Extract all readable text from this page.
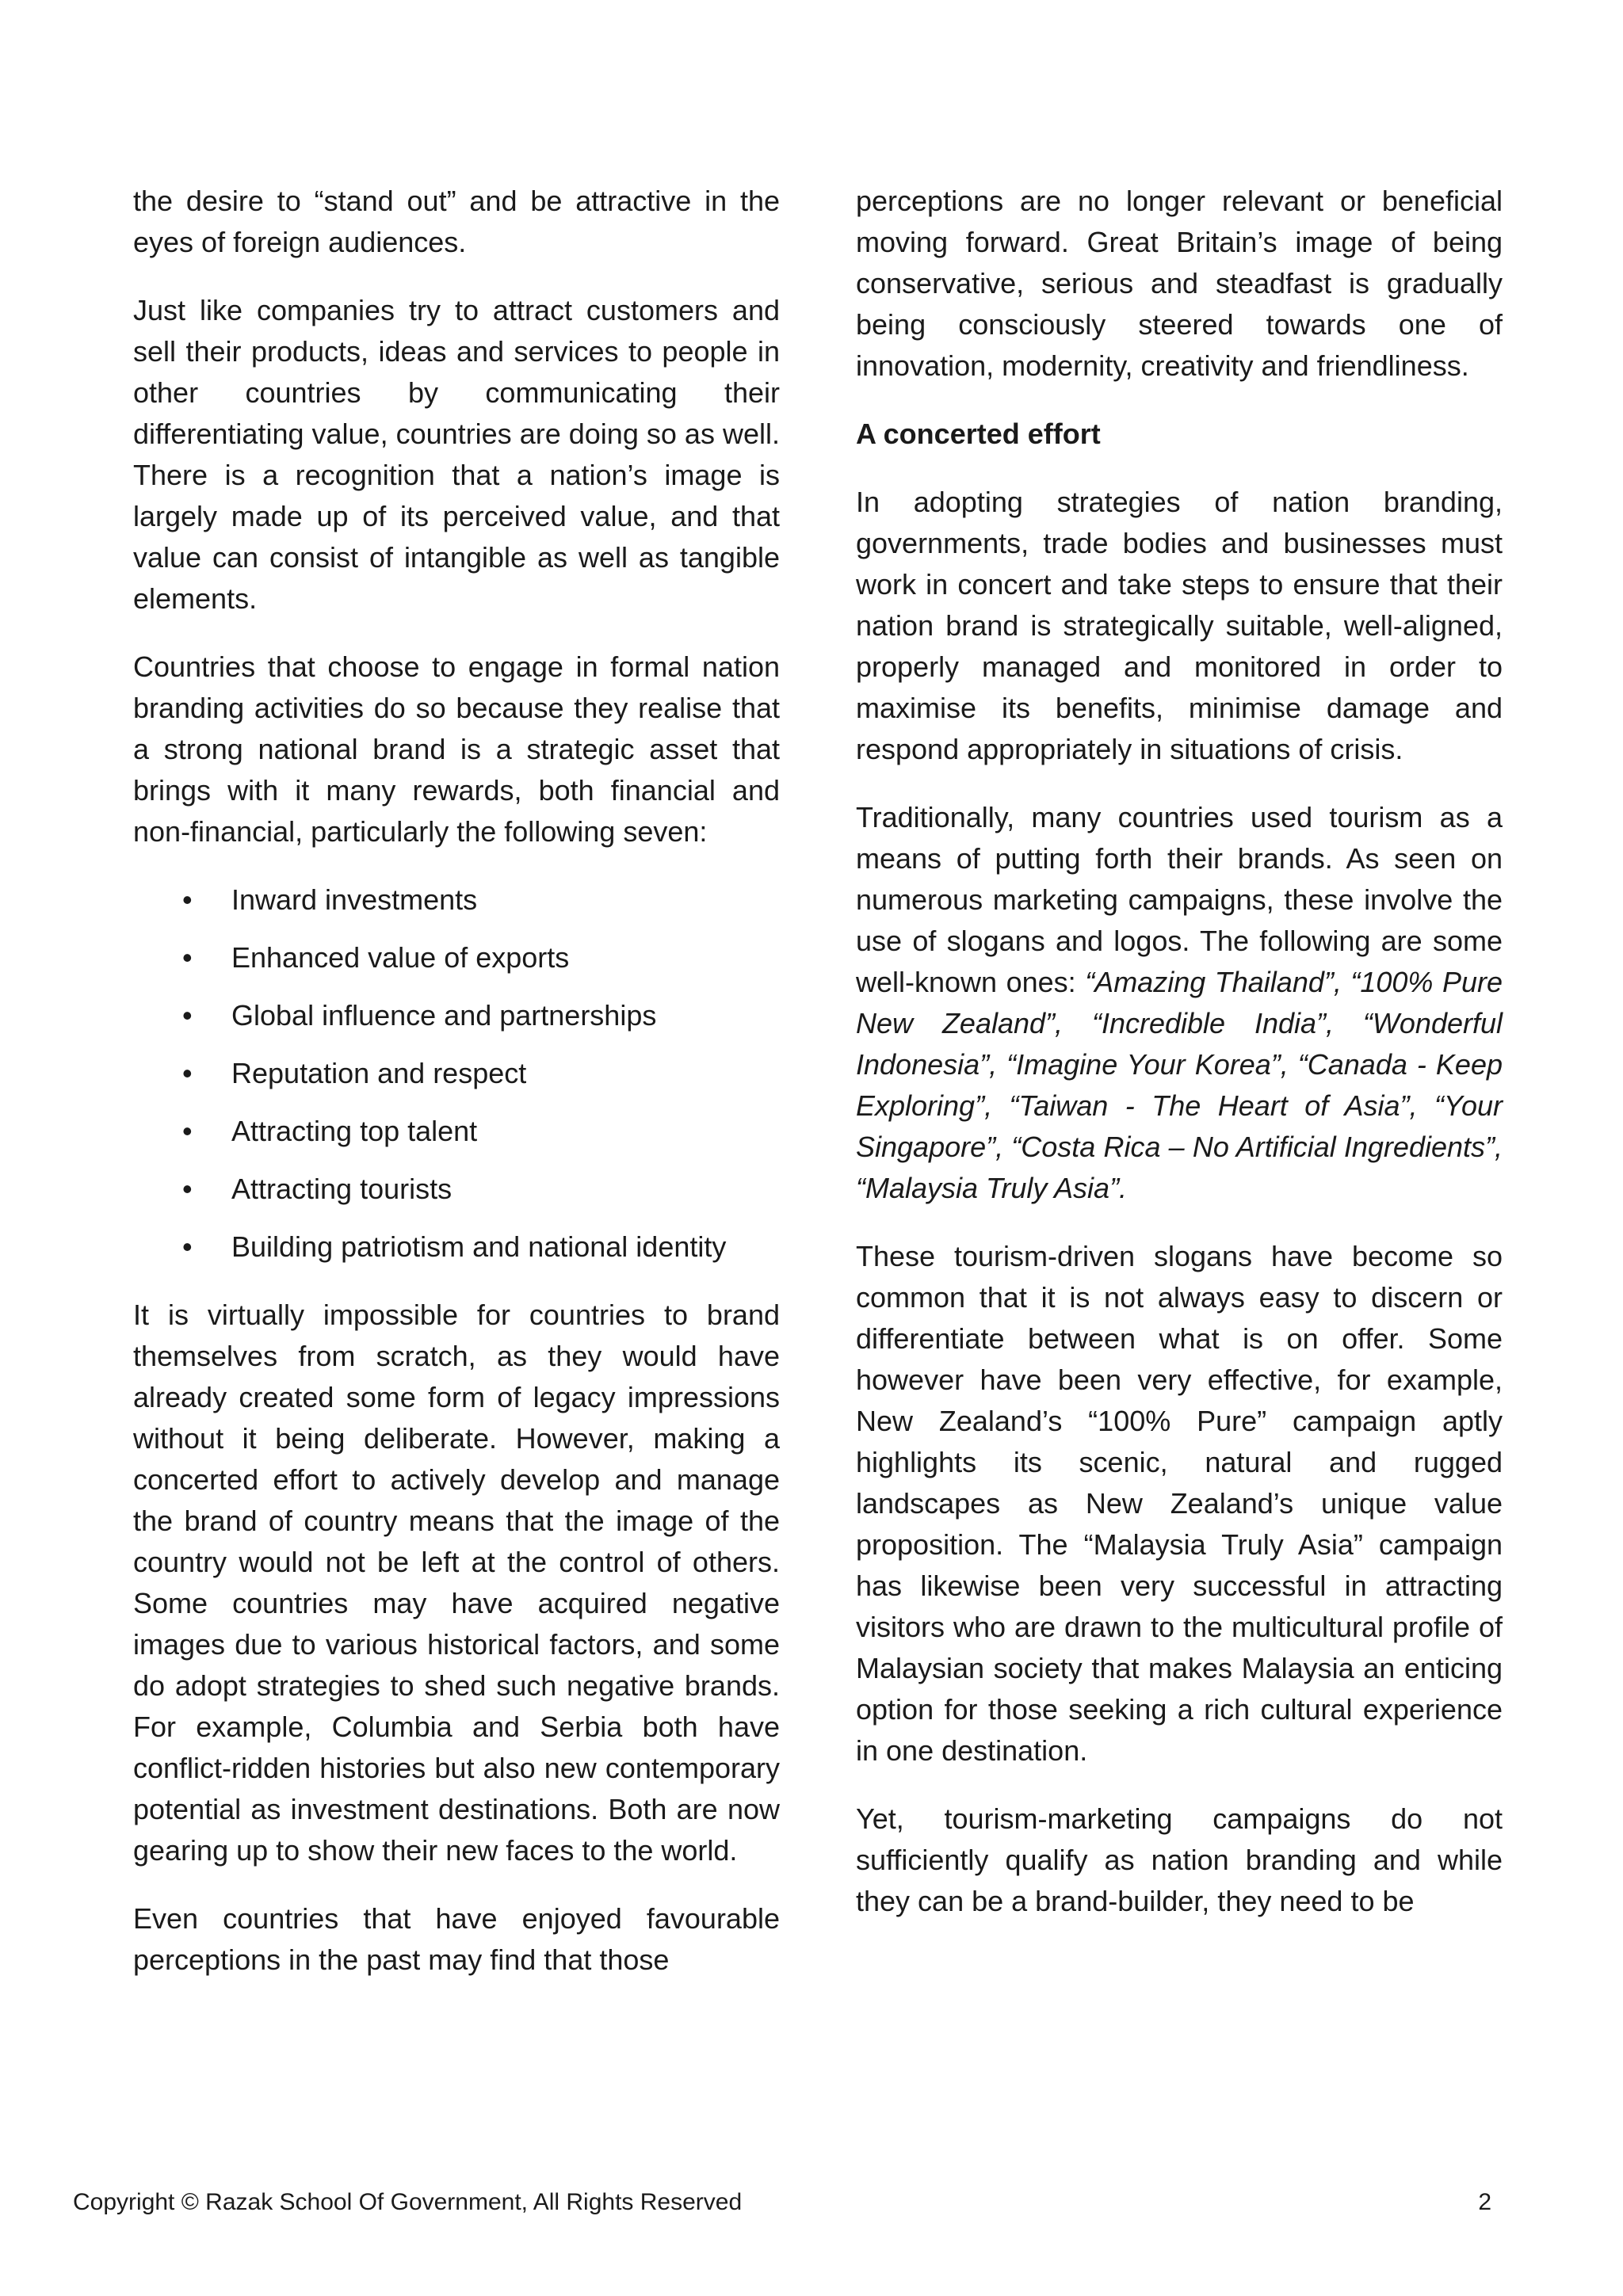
the desire to “stand out” and be attractive in the eyes of foreign audiences.

Just like companies try to attract customers and sell their products, ideas and services to people in other countries by communicating their differentiating value, countries are doing so as well. There is a recognition that a nation’s image is largely made up of its perceived value, and that value can consist of intangible as well as tangible elements.

Countries that choose to engage in formal nation branding activities do so because they realise that a strong national brand is a strategic asset that brings with it many rewards, both financial and non-financial, particularly the following seven:

• Inward investments
• Enhanced value of exports
• Global influence and partnerships
• Reputation and respect
• Attracting top talent
• Attracting tourists
• Building patriotism and national identity

It is virtually impossible for countries to brand themselves from scratch, as they would have already created some form of legacy impressions without it being deliberate. However, making a concerted effort to actively develop and manage the brand of country means that the image of the country would not be left at the control of others. Some countries may have acquired negative images due to various historical factors, and some do adopt strategies to shed such negative brands. For example, Columbia and Serbia both have conflict-ridden histories but also new contemporary potential as investment destinations. Both are now gearing up to show their new faces to the world.

Even countries that have enjoyed favourable perceptions in the past may find that those

perceptions are no longer relevant or beneficial moving forward. Great Britain’s image of being conservative, serious and steadfast is gradually being consciously steered towards one of innovation, modernity, creativity and friendliness.

A concerted effort

In adopting strategies of nation branding, governments, trade bodies and businesses must work in concert and take steps to ensure that their nation brand is strategically suitable, well-aligned, properly managed and monitored in order to maximise its benefits, minimise damage and respond appropriately in situations of crisis.

Traditionally, many countries used tourism as a means of putting forth their brands. As seen on numerous marketing campaigns, these involve the use of slogans and logos. The following are some well-known ones: “Amazing Thailand”, “100% Pure New Zealand”, “Incredible India”, “Wonderful Indonesia”, “Imagine Your Korea”, “Canada - Keep Exploring”, “Taiwan - The Heart of Asia”, “Your Singapore”, “Costa Rica – No Artificial Ingredients”, “Malaysia Truly Asia”.

These tourism-driven slogans have become so common that it is not always easy to discern or differentiate between what is on offer. Some however have been very effective, for example, New Zealand’s “100% Pure” campaign aptly highlights its scenic, natural and rugged landscapes as New Zealand’s unique value proposition. The “Malaysia Truly Asia” campaign has likewise been very successful in attracting visitors who are drawn to the multicultural profile of Malaysian society that makes Malaysia an enticing option for those seeking a rich cultural experience in one destination.

Yet, tourism-marketing campaigns do not sufficiently qualify as nation branding and while they can be a brand-builder, they need to be

Copyright © Razak School Of Government, All Rights Reserved	2
